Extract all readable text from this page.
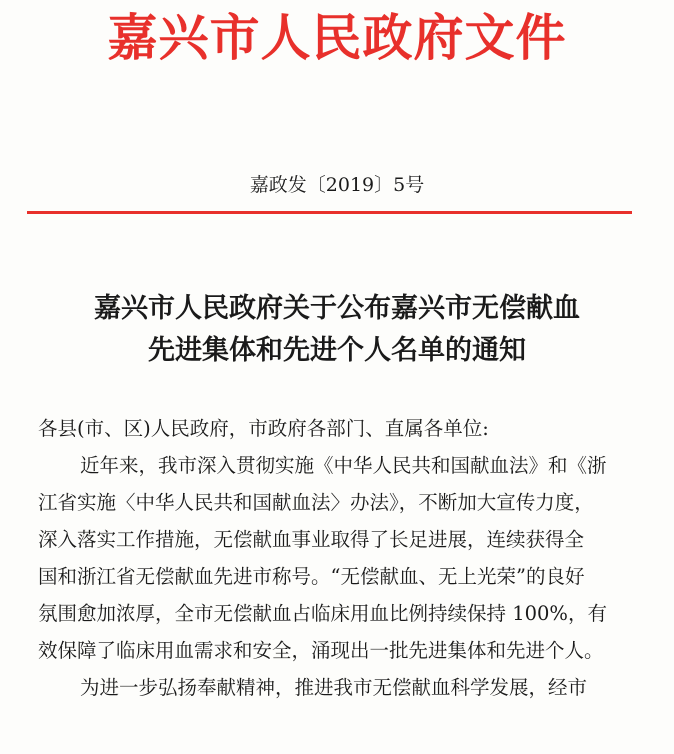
嘉兴市人民政府文件
嘉政发〔2019〕5号
嘉兴市人民政府关于公布嘉兴市无偿献血
先进集体和先进个人名单的通知

各县(市、区)人民政府，市政府各部门、直属各单位:

近年来，我市深入贯彻实施《中华人民共和国献血法》和《浙

江省实施〈中华人民共和国献血法〉办法》，不断加大宣传力度，

深入落实工作措施，无偿献血事业取得了长足进展，连续获得全

国和浙江省无偿献血先进市称号。“无偿献血、无上光荣”的良好

氛围愈加浓厚，全市无偿献血占临床用血比例持续保持 100%，有

效保障了临床用血需求和安全，涌现出一批先进集体和先进个人。

为进一步弘扬奉献精神，推进我市无偿献血科学发展，经市
